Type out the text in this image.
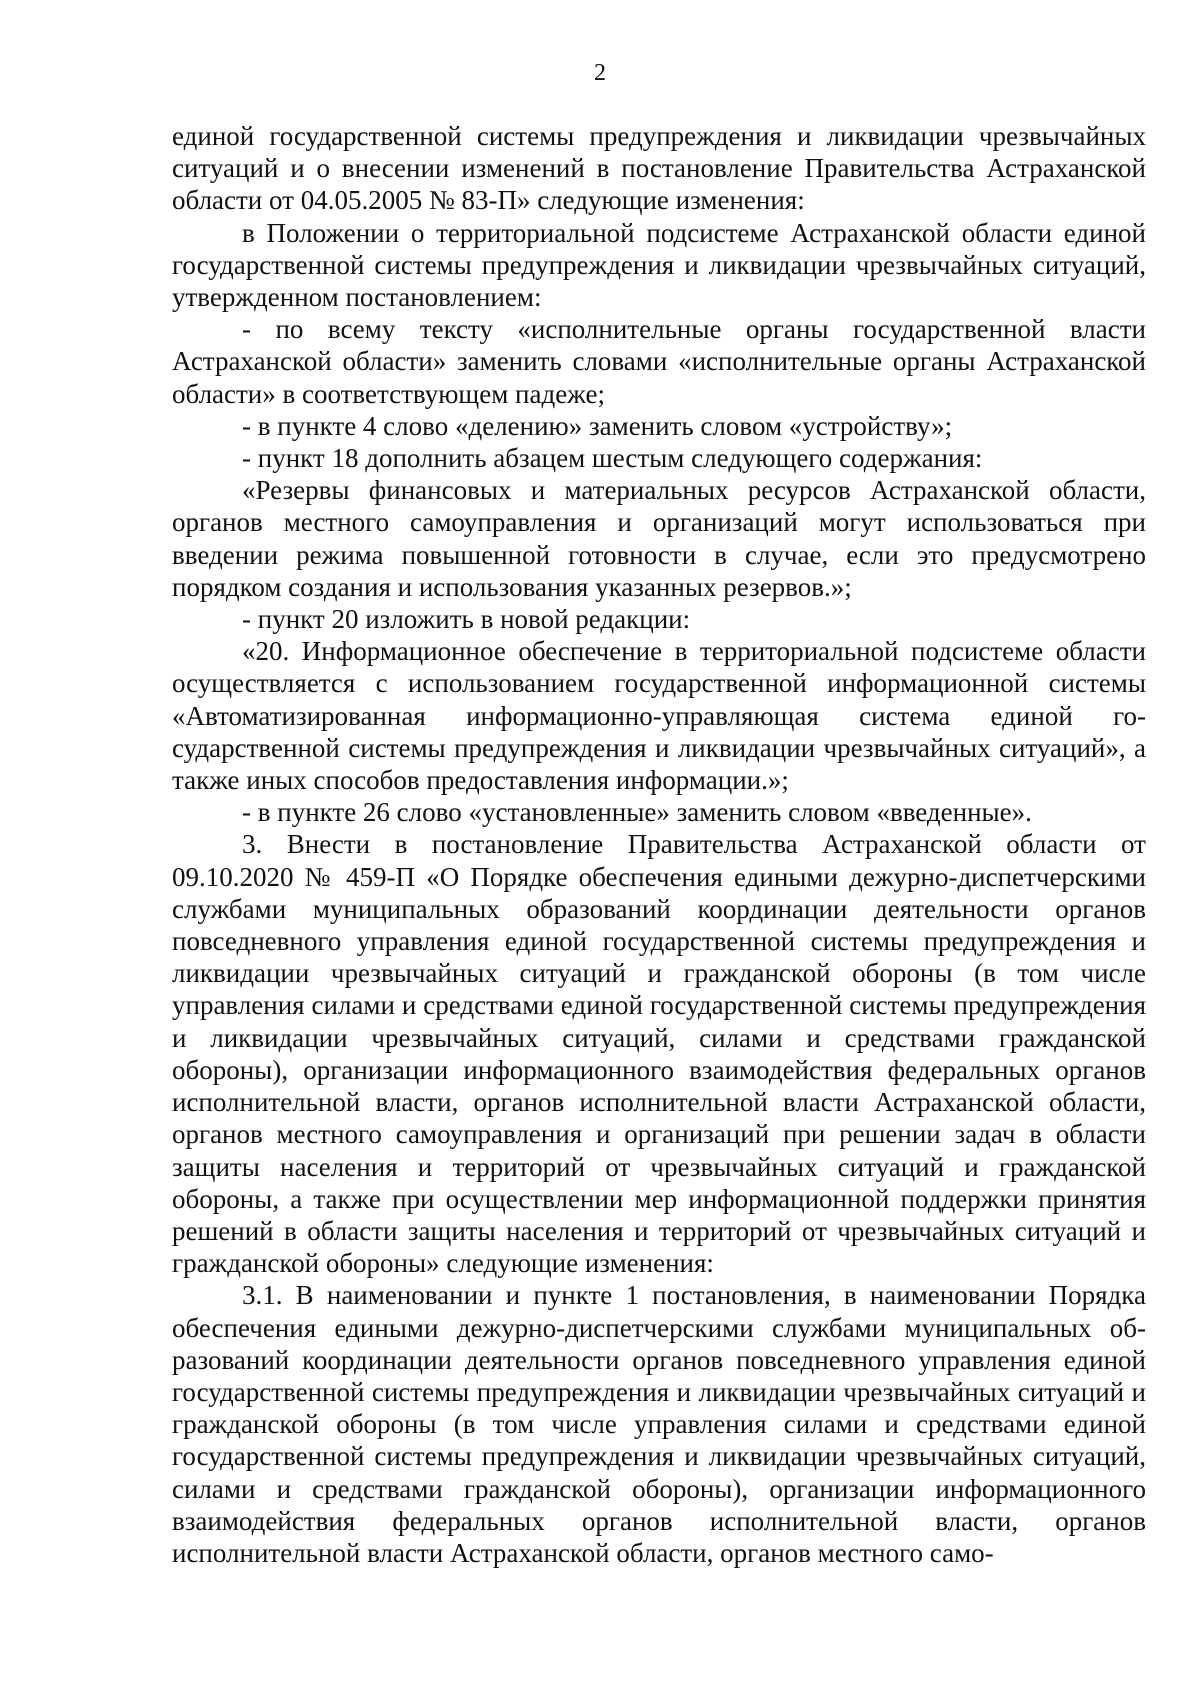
2

единой государственной системы предупреждения и ликвидации чрезвычайных ситуаций и о внесении изменений в постановление Правительства Астраханской области от 04.05.2005 № 83-П» следующие изменения:

в Положении о территориальной подсистеме Астраханской области единой государственной системы предупреждения и ликвидации чрезвычайных ситуаций, утвержденном постановлением:

- по всему тексту «исполнительные органы государственной власти Астраханской области» заменить словами «исполнительные органы Астраханской области» в соответствующем падеже;

- в пункте 4 слово «делению» заменить словом «устройству»;

- пункт 18 дополнить абзацем шестым следующего содержания:

«Резервы финансовых и материальных ресурсов Астраханской области, органов местного самоуправления и организаций могут использоваться при введении режима повышенной готовности в случае, если это предусмотрено порядком создания и использования указанных резервов.»;

- пункт 20 изложить в новой редакции:

«20. Информационное обеспечение в территориальной подсистеме области осуществляется с использованием государственной информационной системы «Автоматизированная информационно-управляющая система единой государственной системы предупреждения и ликвидации чрезвычайных ситуаций», а также иных способов предоставления информации.»;

- в пункте 26 слово «установленные» заменить словом «введенные».

3. Внести в постановление Правительства Астраханской области от 09.10.2020 № 459-П «О Порядке обеспечения едиными дежурно-диспетчерскими службами муниципальных образований координации деятельности органов повседневного управления единой государственной системы предупреждения и ликвидации чрезвычайных ситуаций и гражданской обороны (в том числе управления силами и средствами единой государственной системы предупреждения и ликвидации чрезвычайных ситуаций, силами и средствами гражданской обороны), организации информационного взаимодействия федеральных органов исполнительной власти, органов исполнительной власти Астраханской области, органов местного самоуправления и организаций при решении задач в области защиты населения и территорий от чрезвычайных ситуаций и гражданской обороны, а также при осуществлении мер информационной поддержки принятия решений в области защиты населения и территорий от чрезвычайных ситуаций и гражданской обороны» следующие изменения:

3.1. В наименовании и пункте 1 постановления, в наименовании Порядка обеспечения едиными дежурно-диспетчерскими службами муниципальных образований координации деятельности органов повседневного управления единой государственной системы предупреждения и ликвидации чрезвычайных ситуаций и гражданской обороны (в том числе управления силами и средствами единой государственной системы предупреждения и ликвидации чрезвычайных ситуаций, силами и средствами гражданской обороны), организации информационного взаимодействия федеральных органов исполнительной власти, органов исполнительной власти Астраханской области, органов местного само-
